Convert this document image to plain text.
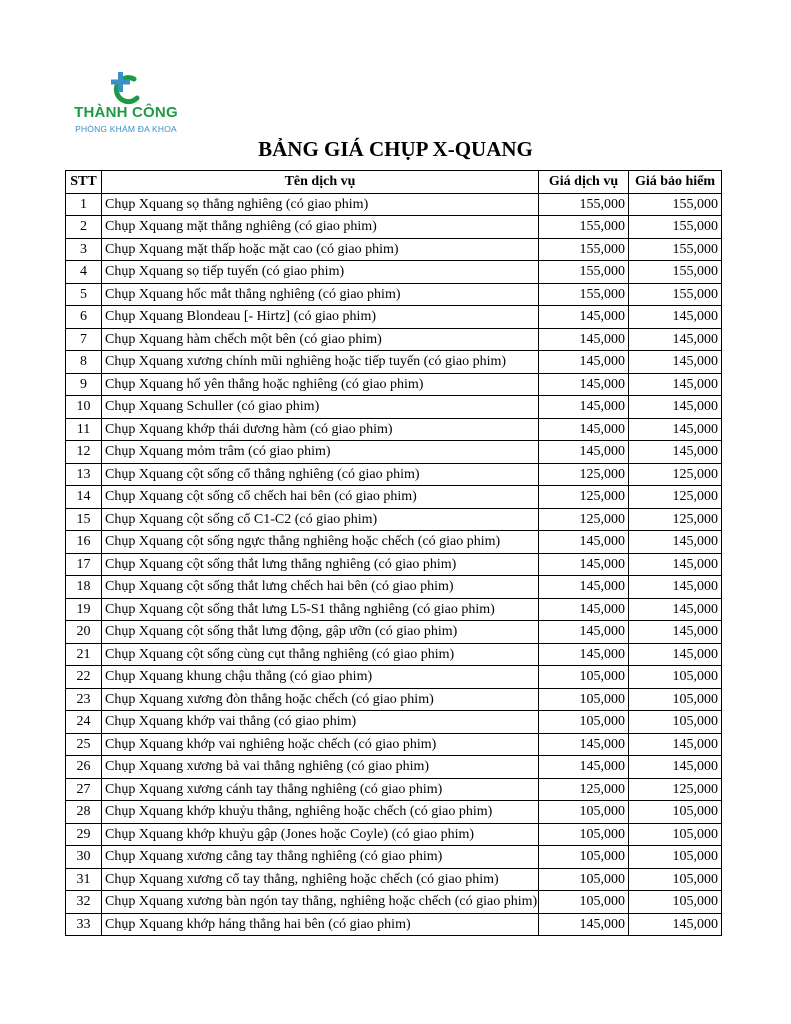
THÀNH CÔNG
PHÒNG KHÁM ĐA KHOA
BẢNG GIÁ CHỤP X-QUANG
STT	Tên dịch vụ	Giá dịch vụ	Giá bảo hiểm
1	Chụp Xquang sọ thẳng nghiêng (có giao phim)	155,000	155,000
2	Chụp Xquang mặt thẳng nghiêng (có giao phim)	155,000	155,000
3	Chụp Xquang mặt thấp hoặc mặt cao (có giao phim)	155,000	155,000
4	Chụp Xquang sọ tiếp tuyến (có giao phim)	155,000	155,000
5	Chụp Xquang hốc mắt thẳng nghiêng (có giao phim)	155,000	155,000
6	Chụp Xquang Blondeau [- Hirtz] (có giao phim)	145,000	145,000
7	Chụp Xquang hàm chếch một bên (có giao phim)	145,000	145,000
8	Chụp Xquang xương chính mũi nghiêng hoặc tiếp tuyến (có giao phim)	145,000	145,000
9	Chụp Xquang hố yên thẳng hoặc nghiêng (có giao phim)	145,000	145,000
10	Chụp Xquang Schuller (có giao phim)	145,000	145,000
11	Chụp Xquang khớp thái dương hàm (có giao phim)	145,000	145,000
12	Chụp Xquang mỏm trâm (có giao phim)	145,000	145,000
13	Chụp Xquang cột sống cổ thẳng nghiêng (có giao phim)	125,000	125,000
14	Chụp Xquang cột sống cổ chếch hai bên (có giao phim)	125,000	125,000
15	Chụp Xquang cột sống cổ C1-C2 (có giao phim)	125,000	125,000
16	Chụp Xquang cột sống ngực thẳng nghiêng hoặc chếch (có giao phim)	145,000	145,000
17	Chụp Xquang cột sống thắt lưng thẳng nghiêng (có giao phim)	145,000	145,000
18	Chụp Xquang cột sống thắt lưng chếch hai bên (có giao phim)	145,000	145,000
19	Chụp Xquang cột sống thắt lưng L5-S1 thẳng nghiêng (có giao phim)	145,000	145,000
20	Chụp Xquang cột sống thắt lưng động, gập ưỡn (có giao phim)	145,000	145,000
21	Chụp Xquang cột sống cùng cụt thẳng nghiêng (có giao phim)	145,000	145,000
22	Chụp Xquang khung chậu thẳng (có giao phim)	105,000	105,000
23	Chụp Xquang xương đòn thẳng hoặc chếch (có giao phim)	105,000	105,000
24	Chụp Xquang khớp vai thẳng (có giao phim)	105,000	105,000
25	Chụp Xquang khớp vai nghiêng hoặc chếch (có giao phim)	145,000	145,000
26	Chụp Xquang xương bả vai thẳng nghiêng (có giao phim)	145,000	145,000
27	Chụp Xquang xương cánh tay thẳng nghiêng (có giao phim)	125,000	125,000
28	Chụp Xquang khớp khuỷu thẳng, nghiêng hoặc chếch (có giao phim)	105,000	105,000
29	Chụp Xquang khớp khuỷu gập (Jones hoặc Coyle) (có giao phim)	105,000	105,000
30	Chụp Xquang xương cẳng tay thẳng nghiêng (có giao phim)	105,000	105,000
31	Chụp Xquang xương cổ tay thẳng, nghiêng hoặc chếch (có giao phim)	105,000	105,000
32	Chụp Xquang xương bàn ngón tay thẳng, nghiêng hoặc chếch (có giao phim)	105,000	105,000
33	Chụp Xquang khớp háng thẳng hai bên (có giao phim)	145,000	145,000
